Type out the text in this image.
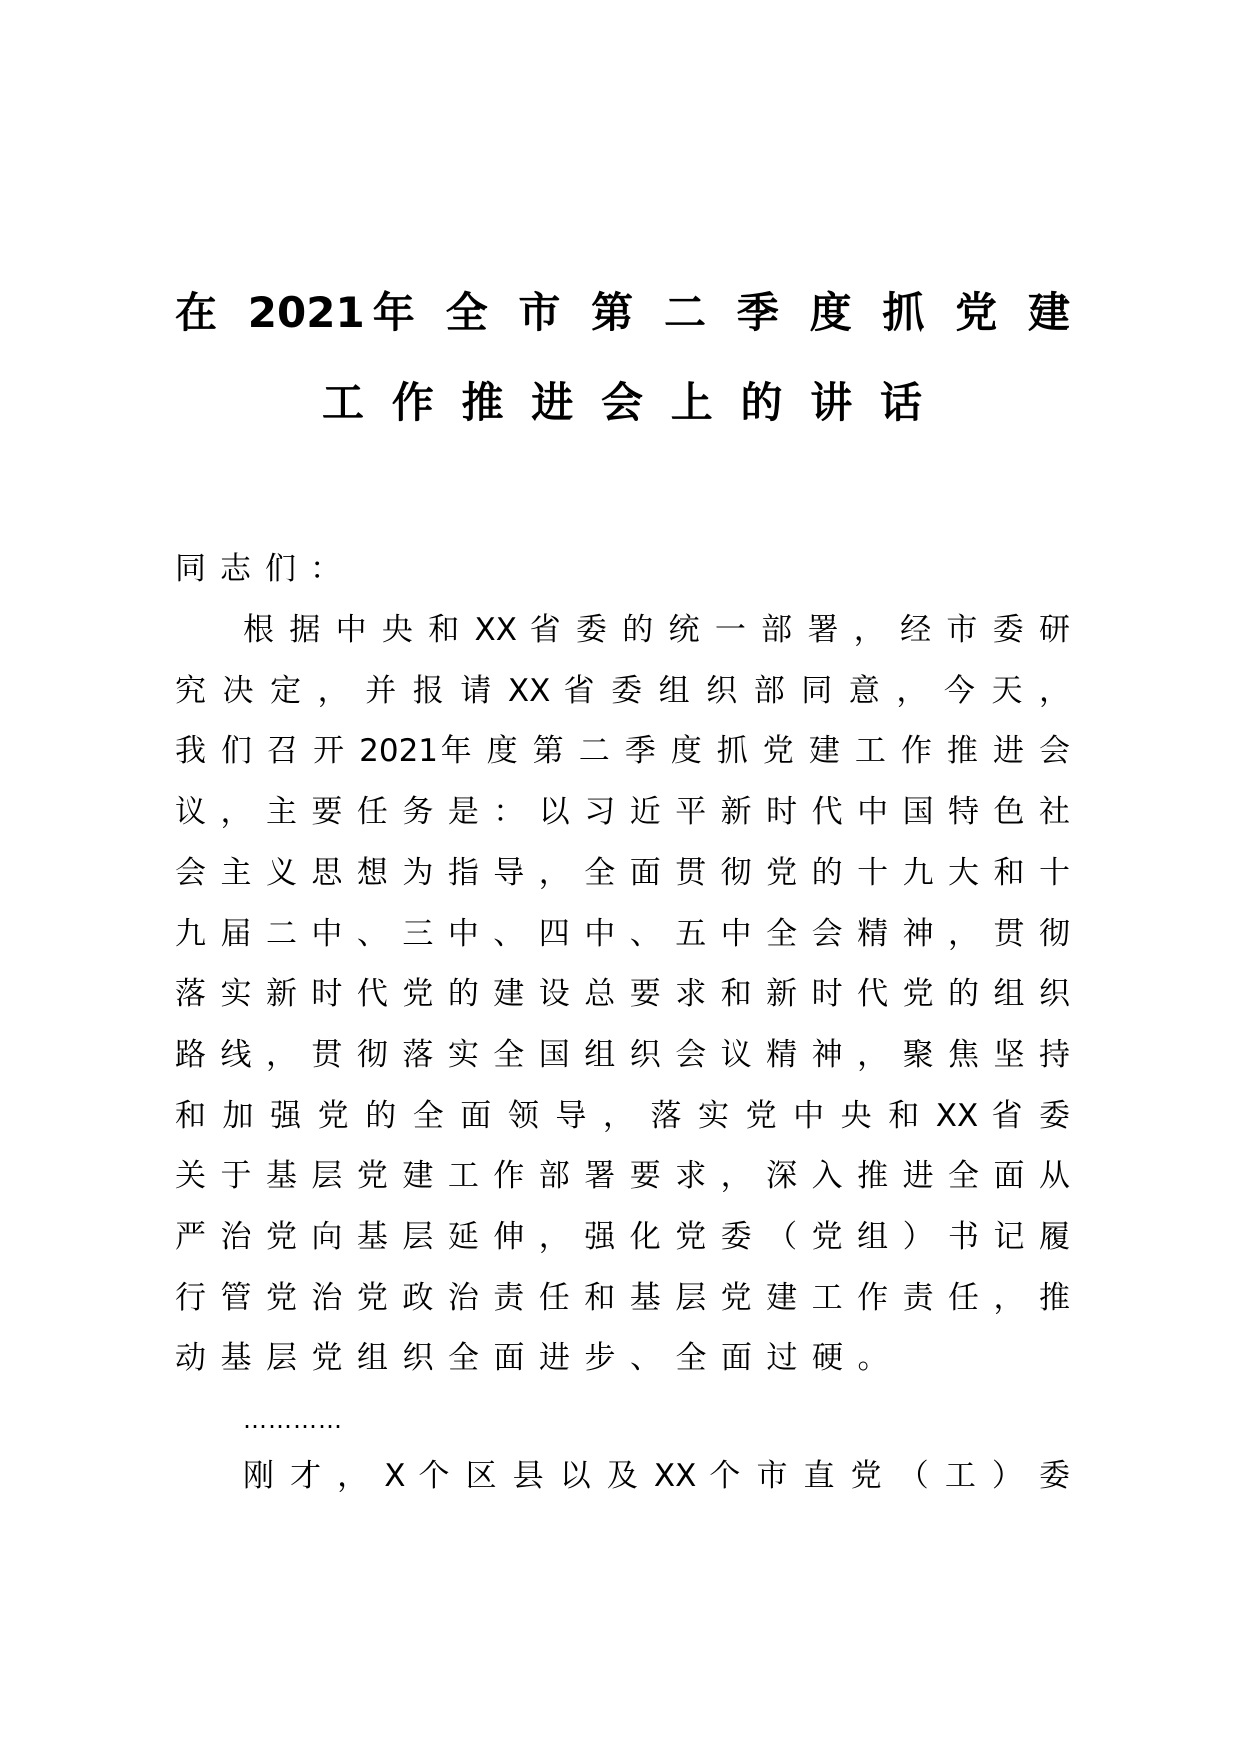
在 2021年 全 市 第 二 季 度 抓 党 建
工 作 推 进 会 上 的 讲 话
同志们：
根 据 中 央 和 XX 省 委 的 统 一 部 署 ， 经 市 委 研
究 决 定 ， 并 报 请 XX 省 委 组 织 部 同 意 ， 今 天 ，
我 们 召 开 2021年 度 第 二 季 度 抓 党 建 工 作 推 进 会
议 ， 主 要 任 务 是 ： 以 习 近 平 新 时 代 中 国 特 色 社
会 主 义 思 想 为 指 导 ， 全 面 贯 彻 党 的 十 九 大 和 十
九 届 二 中 、 三 中 、 四 中 、 五 中 全 会 精 神 ， 贯 彻
落 实 新 时 代 党 的 建 设 总 要 求 和 新 时 代 党 的 组 织
路 线 ， 贯 彻 落 实 全 国 组 织 会 议 精 神 ， 聚 焦 坚 持
和 加 强 党 的 全 面 领 导 ， 落 实 党 中 央 和 XX 省 委
关 于 基 层 党 建 工 作 部 署 要 求 ， 深 入 推 进 全 面 从
严 治 党 向 基 层 延 伸 ， 强 化 党 委 （ 党 组 ） 书 记 履
行 管 党 治 党 政 治 责 任 和 基 层 党 建 工 作 责 任 ， 推
动基层党组织全面进步、全面过硬。
…………
刚 才 ， X 个 区 县 以 及 XX 个 市 直 党 （ 工 ） 委
